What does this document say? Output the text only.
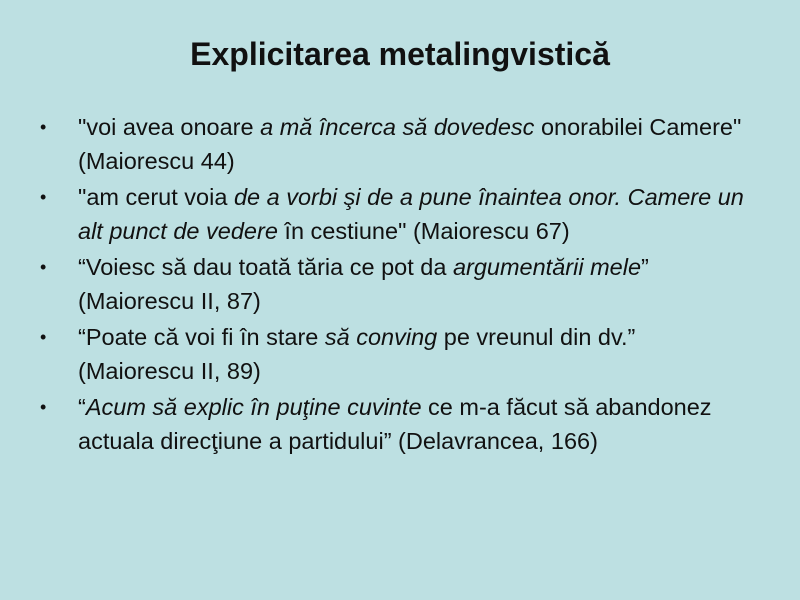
Explicitarea metalingvistică
• "voi avea onoare a mă încerca să dovedesc onorabilei Camere" (Maiorescu 44)
• "am cerut voia de a vorbi şi de a pune înaintea onor. Camere un alt punct de vedere în cestiune" (Maiorescu 67)
• “Voiesc să dau toată tăria ce pot da argumentării mele” (Maiorescu II, 87)
• “Poate că voi fi în stare să conving pe vreunul din dv.” (Maiorescu II, 89)
• “Acum să explic în puţine cuvinte ce m-a făcut să abandonez actuala direcţiune a partidului” (Delavrancea, 166)
